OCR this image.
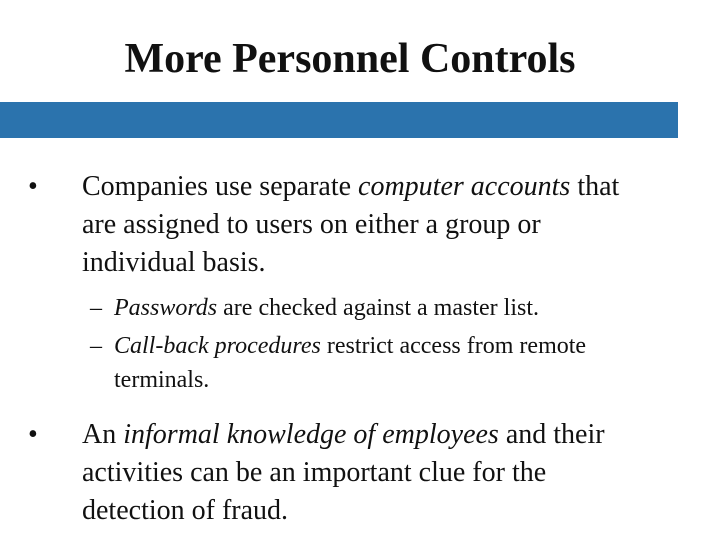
More Personnel Controls
• Companies use separate computer accounts that are assigned to users on either a group or individual basis.
– Passwords are checked against a master list.
– Call-back procedures restrict access from remote terminals.
• An informal knowledge of employees and their activities can be an important clue for the detection of fraud.
